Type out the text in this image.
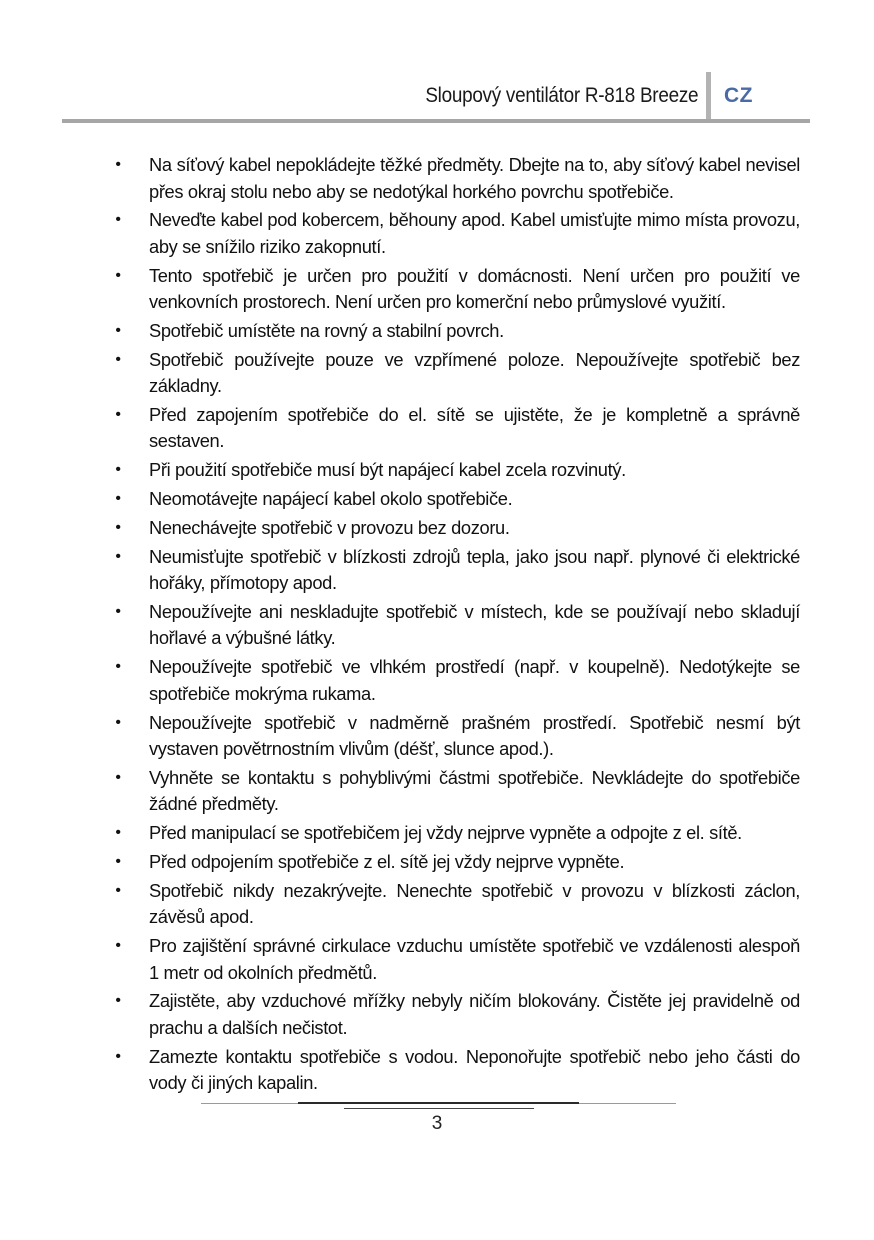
Sloupový ventilátor R-818 Breeze CZ
• Na síťový kabel nepokládejte těžké předměty. Dbejte na to, aby síťový kabel nevisel přes okraj stolu nebo aby se nedotýkal horkého povrchu spotřebiče.
• Neveďte kabel pod kobercem, běhouny apod. Kabel umisťujte mimo místa provozu, aby se snížilo riziko zakopnutí.
• Tento spotřebič je určen pro použití v domácnosti. Není určen pro použití ve venkovních prostorech. Není určen pro komerční nebo průmyslové využití.
• Spotřebič umístěte na rovný a stabilní povrch.
• Spotřebič používejte pouze ve vzpřímené poloze. Nepoužívejte spotřebič bez základny.
• Před zapojením spotřebiče do el. sítě se ujistěte, že je kompletně a správně sestaven.
• Při použití spotřebiče musí být napájecí kabel zcela rozvinutý.
• Neomotávejte napájecí kabel okolo spotřebiče.
• Nenechávejte spotřebič v provozu bez dozoru.
• Neumisťujte spotřebič v blízkosti zdrojů tepla, jako jsou např. plynové či elektrické hořáky, přímotopy apod.
• Nepoužívejte ani neskladujte spotřebič v místech, kde se používají nebo skladují hořlavé a výbušné látky.
• Nepoužívejte spotřebič ve vlhkém prostředí (např. v koupelně). Nedotýkejte se spotřebiče mokrýma rukama.
• Nepoužívejte spotřebič v nadměrně prašném prostředí. Spotřebič nesmí být vystaven povětrnostním vlivům (déšť, slunce apod.).
• Vyhněte se kontaktu s pohyblivými částmi spotřebiče. Nevkládejte do spotřebiče žádné předměty.
• Před manipulací se spotřebičem jej vždy nejprve vypněte a odpojte z el. sítě.
• Před odpojením spotřebiče z el. sítě jej vždy nejprve vypněte.
• Spotřebič nikdy nezakrývejte. Nenechte spotřebič v provozu v blízkosti záclon, závěsů apod.
• Pro zajištění správné cirkulace vzduchu umístěte spotřebič ve vzdálenosti alespoň 1 metr od okolních předmětů.
• Zajistěte, aby vzduchové mřížky nebyly ničím blokovány. Čistěte jej pravidelně od prachu a dalších nečistot.
• Zamezte kontaktu spotřebiče s vodou. Neponořujte spotřebič nebo jeho části do vody či jiných kapalin.
3
